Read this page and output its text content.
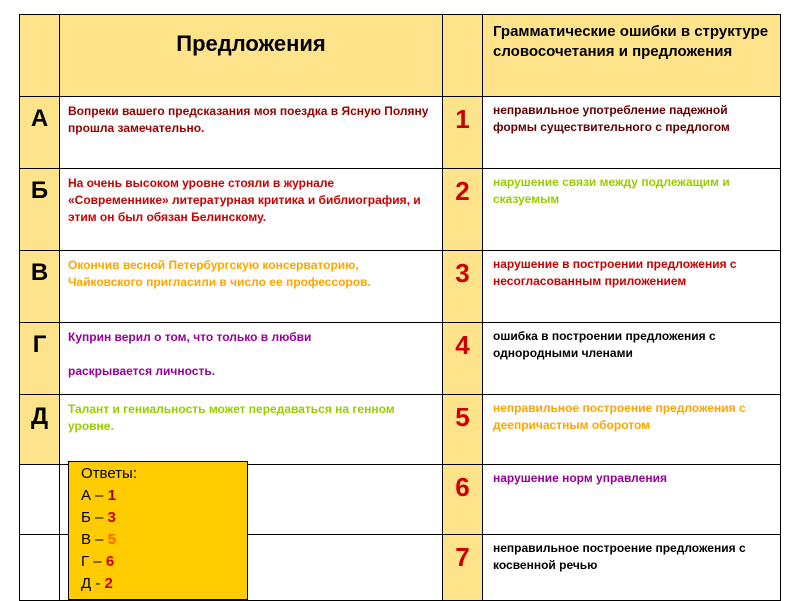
	Предложения		Грамматические ошибки в структуре словосочетания и предложения

А	Вопреки вашего предсказания моя поездка в Ясную Поляну прошла замечательно.	1	неправильное употребление падежной формы существительного с предлогом

Б	На очень высоком уровне стояли в журнале «Современнике» литературная критика и библиография, и этим он был обязан Белинскому.	2	нарушение связи между подлежащим и сказуемым

В	Окончив весной Петербургскую консерваторию, Чайковского пригласили в число ее профессоров.	3	нарушение в построении предложения с несогласованным приложением

Г	Куприн верил о том, что только в любви
раскрывается личность.	4	ошибка в построении предложения с однородными членами

Д	Талант и гениальность может передаваться на генном уровне.	5	неправильное построение предложения с деепричастным оборотом

		6	нарушение норм управления

		7	неправильное построение предложения с косвенной речью
Ответы:
А – 1
Б – 3
В – 5
Г – 6
Д - 2
